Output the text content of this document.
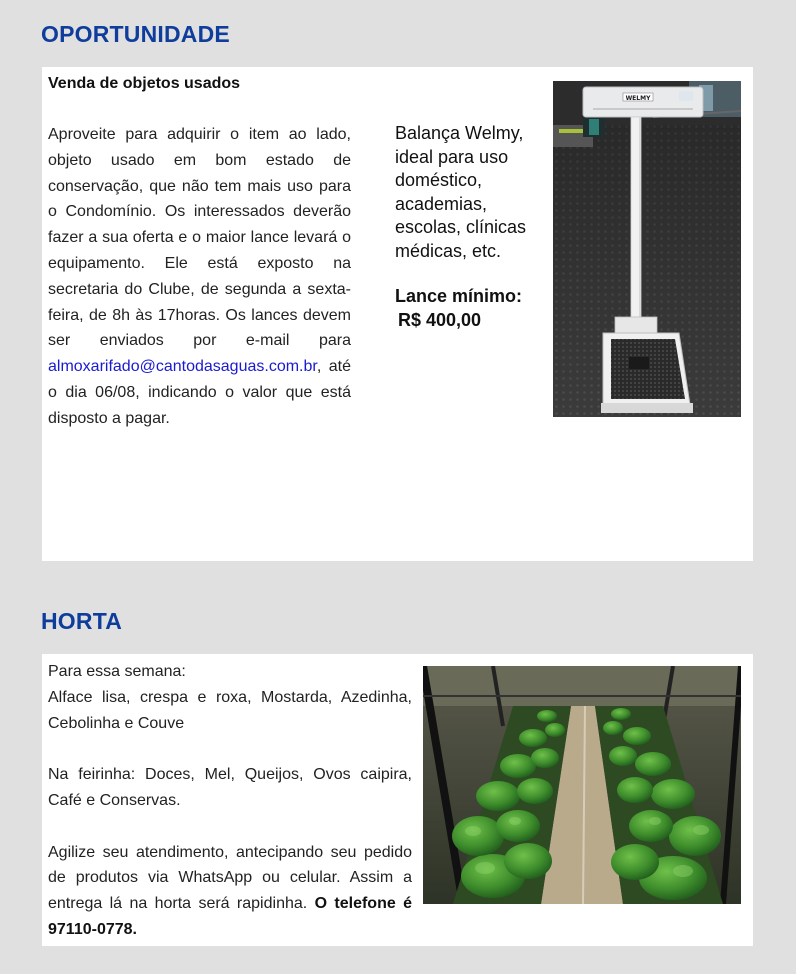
OPORTUNIDADE
Venda de objetos usados

Aproveite para adquirir o item ao lado, objeto usado em bom estado de conservação, que não tem mais uso para o Condomínio. Os interessados deverão fazer a sua oferta e o maior lance levará o equipamento. Ele está exposto na secretaria do Clube, de segunda a sexta-feira, de 8h às 17horas. Os lances devem ser enviados por e-mail para almoxarifado@cantodasaguas.com.br, até o dia 06/08, indicando o valor que está disposto a pagar.

Balança Welmy, ideal para uso doméstico, academias, escolas, clínicas médicas, etc.

Lance mínimo:

R$ 400,00

WELMY
HORTA

Para essa semana:

Alface lisa, crespa e roxa, Mostarda, Azedinha, Cebolinha e Couve

Na feirinha: Doces, Mel, Queijos, Ovos caipira, Café e Conservas.

Agilize seu atendimento, antecipando seu pedido de produtos via WhatsApp ou celular. Assim a entrega lá na horta será rapidinha. O telefone é 97110-0778.
